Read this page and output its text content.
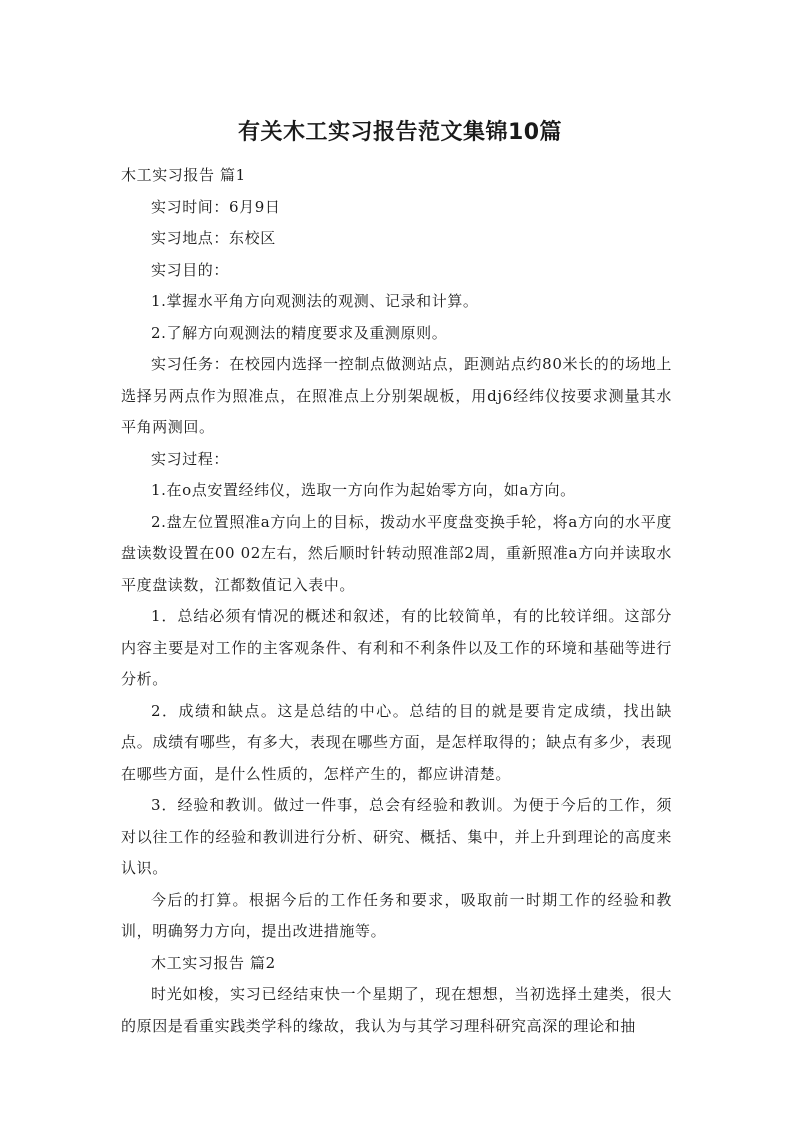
有关木工实习报告范文集锦10篇

木工实习报告 篇1

实习时间：6月9日

实习地点：东校区

实习目的：

1.掌握水平角方向观测法的观测、记录和计算。

2.了解方向观测法的精度要求及重测原则。

实习任务：在校园内选择一控制点做测站点，距测站点约80米长的的场地上选择另两点作为照准点，在照准点上分别架觇板，用dj6经纬仪按要求测量其水平角两测回。

实习过程：

1.在o点安置经纬仪，选取一方向作为起始零方向，如a方向。

2.盘左位置照准a方向上的目标，拨动水平度盘变换手轮，将a方向的水平度盘读数设置在00 02左右，然后顺时针转动照准部2周，重新照准a方向并读取水平度盘读数，江都数值记入表中。

1．总结必须有情况的概述和叙述，有的比较简单，有的比较详细。这部分内容主要是对工作的主客观条件、有利和不利条件以及工作的环境和基础等进行分析。

2．成绩和缺点。这是总结的中心。总结的目的就是要肯定成绩，找出缺点。成绩有哪些，有多大，表现在哪些方面，是怎样取得的；缺点有多少，表现在哪些方面，是什么性质的，怎样产生的，都应讲清楚。

3．经验和教训。做过一件事，总会有经验和教训。为便于今后的工作，须对以往工作的经验和教训进行分析、研究、概括、集中，并上升到理论的高度来认识。

今后的打算。根据今后的工作任务和要求，吸取前一时期工作的经验和教训，明确努力方向，提出改进措施等。

木工实习报告 篇2

时光如梭，实习已经结束快一个星期了，现在想想，当初选择土建类，很大的原因是看重实践类学科的缘故，我认为与其学习理科研究高深的理论和抽
